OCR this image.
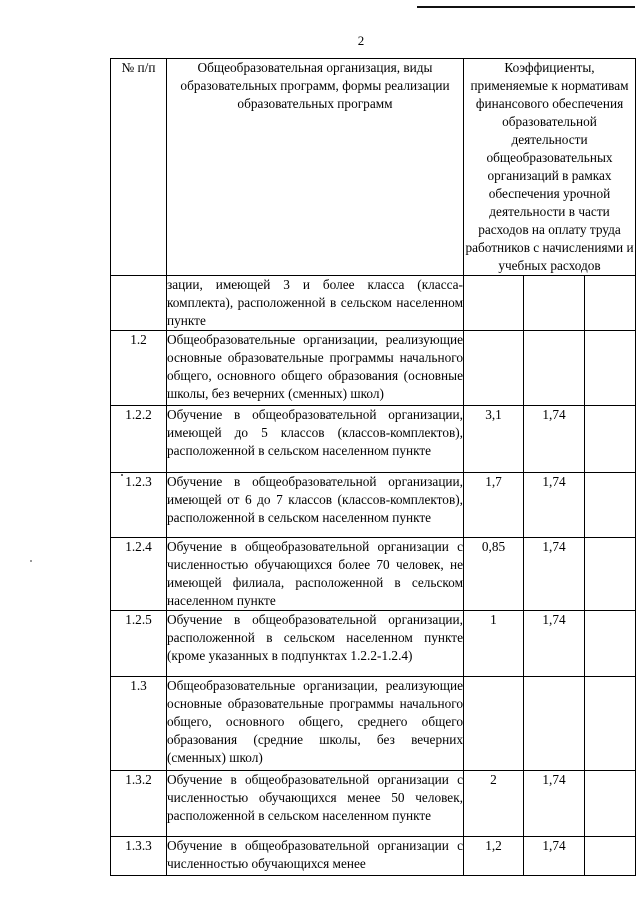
2
№ п/п	Общеобразовательная организация, виды образовательных программ, формы реализации образовательных программ	Коэффициенты, применяемые к нормативам финансового обеспечения образовательной деятельности общеобразовательных организаций в рамках обеспечения урочной деятельности в части расходов на оплату труда работников с начислениями и учебных расходов		
	зации, имеющей 3 и более класса (класса-комплекта), расположенной в сельском населенном пункте			
1.2	Общеобразовательные организации, реализующие основные образовательные программы начального общего, основного общего образования (основные школы, без вечерних (сменных) школ)			
1.2.2	Обучение в общеобразовательной организации, имеющей до 5 классов (классов-комплектов), расположенной в сельском населенном пункте	3,1	1,74	
1.2.3	Обучение в общеобразовательной организации, имеющей от 6 до 7 классов (классов-комплектов), расположенной в сельском населенном пункте	1,7	1,74	
1.2.4	Обучение в общеобразовательной организации с численностью обучающихся более 70 человек, не имеющей филиала, расположенной в сельском населенном пункте	0,85	1,74	
1.2.5	Обучение в общеобразовательной организации, расположенной в сельском населенном пункте (кроме указанных в подпунктах 1.2.2-1.2.4)	1	1,74	
1.3	Общеобразовательные организации, реализующие основные образовательные программы начального общего, основного общего, среднего общего образования (средние школы, без вечерних (сменных) школ)			
1.3.2	Обучение в общеобразовательной организации с численностью обучающихся менее 50 человек, расположенной в сельском населенном пункте	2	1,74	
1.3.3	Обучение в общеобразовательной организации с численностью обучающихся менее	1,2	1,74	
